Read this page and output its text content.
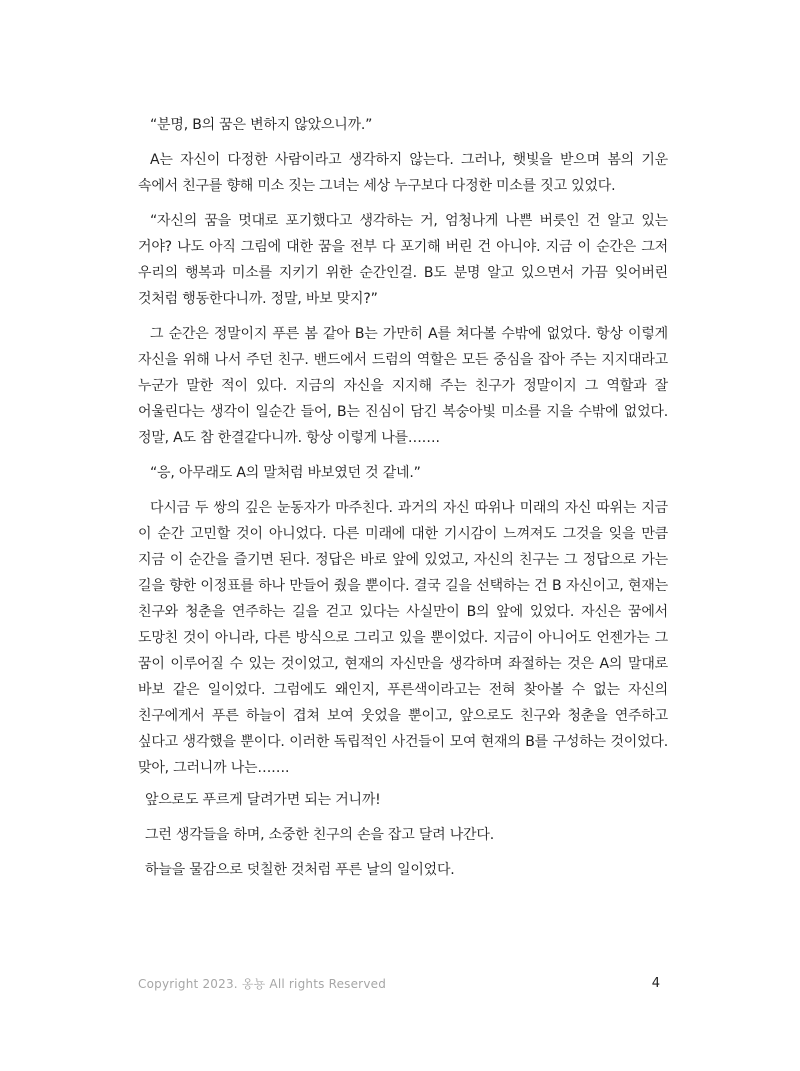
“분명, B의 꿈은 변하지 않았으니까.”

A는 자신이 다정한 사람이라고 생각하지 않는다. 그러나, 햇빛을 받으며 봄의 기운 속에서 친구를 향해 미소 짓는 그녀는 세상 누구보다 다정한 미소를 짓고 있었다.

“자신의 꿈을 멋대로 포기했다고 생각하는 거, 엄청나게 나쁜 버릇인 건 알고 있는 거야? 나도 아직 그림에 대한 꿈을 전부 다 포기해 버린 건 아니야. 지금 이 순간은 그저 우리의 행복과 미소를 지키기 위한 순간인걸. B도 분명 알고 있으면서 가끔 잊어버린 것처럼 행동한다니까. 정말, 바보 맞지?”

그 순간은 정말이지 푸른 봄 같아 B는 가만히 A를 쳐다볼 수밖에 없었다. 항상 이렇게 자신을 위해 나서 주던 친구. 밴드에서 드럼의 역할은 모든 중심을 잡아 주는 지지대라고 누군가 말한 적이 있다. 지금의 자신을 지지해 주는 친구가 정말이지 그 역할과 잘 어울린다는 생각이 일순간 들어, B는 진심이 담긴 복숭아빛 미소를 지을 수밖에 없었다. 정말, A도 참 한결같다니까. 항상 이렇게 나를…….

“응, 아무래도 A의 말처럼 바보였던 것 같네.”

다시금 두 쌍의 깊은 눈동자가 마주친다. 과거의 자신 따위나 미래의 자신 따위는 지금 이 순간 고민할 것이 아니었다. 다른 미래에 대한 기시감이 느껴져도 그것을 잊을 만큼 지금 이 순간을 즐기면 된다. 정답은 바로 앞에 있었고, 자신의 친구는 그 정답으로 가는 길을 향한 이정표를 하나 만들어 줬을 뿐이다. 결국 길을 선택하는 건 B 자신이고, 현재는 친구와 청춘을 연주하는 길을 걷고 있다는 사실만이 B의 앞에 있었다. 자신은 꿈에서 도망친 것이 아니라, 다른 방식으로 그리고 있을 뿐이었다. 지금이 아니어도 언젠가는 그 꿈이 이루어질 수 있는 것이었고, 현재의 자신만을 생각하며 좌절하는 것은 A의 말대로 바보 같은 일이었다. 그럼에도 왜인지, 푸른색이라고는 전혀 찾아볼 수 없는 자신의 친구에게서 푸른 하늘이 겹쳐 보여 웃었을 뿐이고, 앞으로도 친구와 청춘을 연주하고 싶다고 생각했을 뿐이다. 이러한 독립적인 사건들이 모여 현재의 B를 구성하는 것이었다. 맞아, 그러니까 나는…….

앞으로도 푸르게 달려가면 되는 거니까!

그런 생각들을 하며, 소중한 친구의 손을 잡고 달려 나간다.

하늘을 물감으로 덧칠한 것처럼 푸른 날의 일이었다.

Copyright 2023. 옹뇽 All rights Reserved	4
